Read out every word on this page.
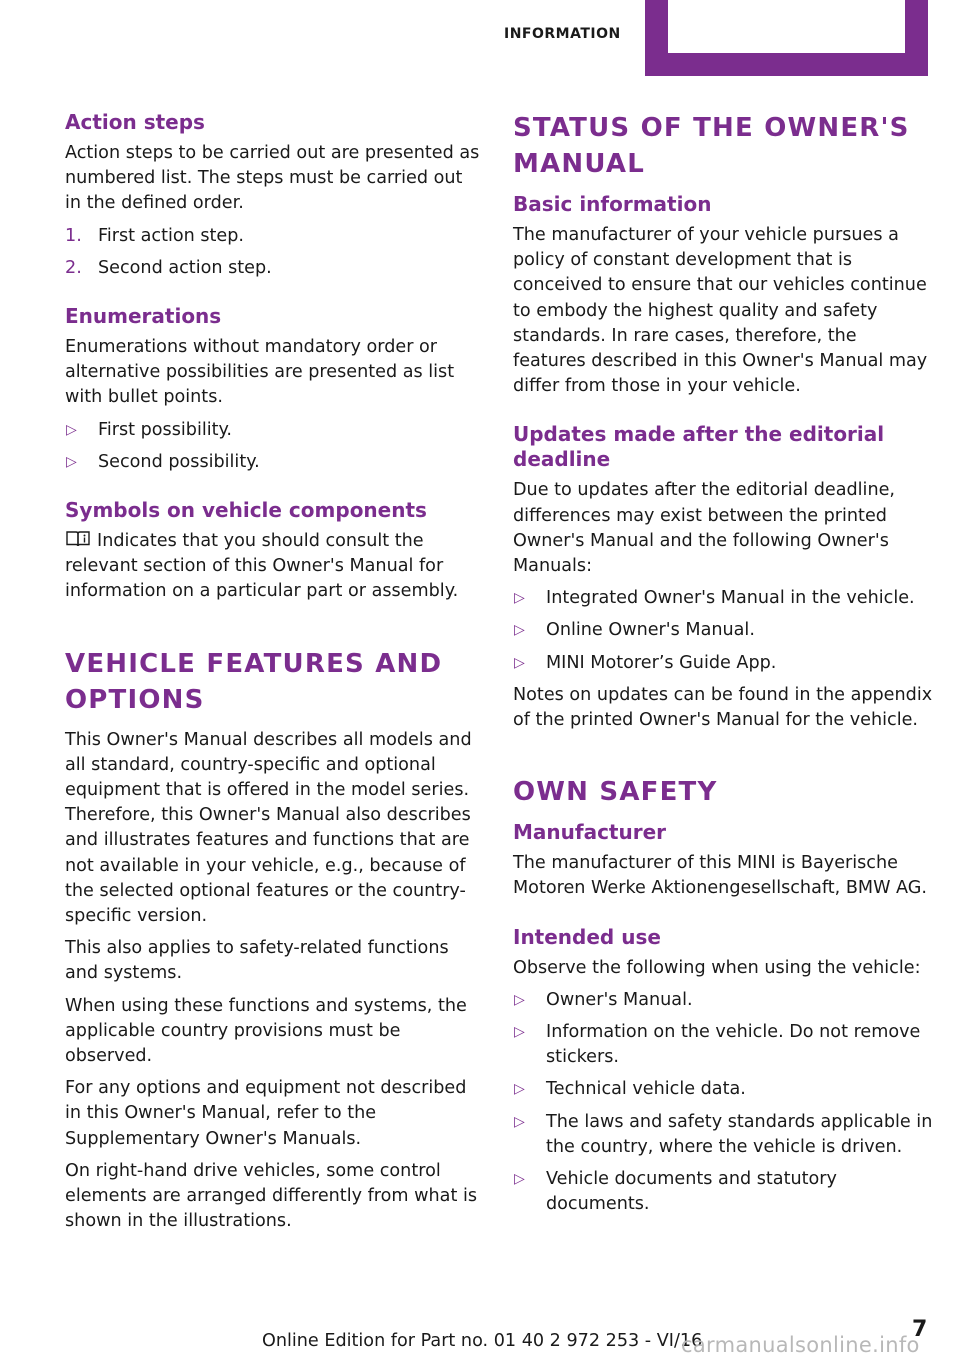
INFORMATION
Action steps

Action steps to be carried out are presented as numbered list. The steps must be carried out in the defined order.

1. First action step.
2. Second action step.
Enumerations

Enumerations without mandatory order or alternative possibilities are presented as list with bullet points.

▷ First possibility.
▷ Second possibility.
Symbols on vehicle components

Indicates that you should consult the relevant section of this Owner's Manual for information on a particular part or assembly.

VEHICLE FEATURES AND OPTIONS

This Owner's Manual describes all models and all standard, country-specific and optional equipment that is offered in the model series. Therefore, this Owner's Manual also describes and illustrates features and functions that are not available in your vehicle, e.g., because of the selected optional features or the country-specific version.

This also applies to safety-related functions and systems.

When using these functions and systems, the applicable country provisions must be observed.

For any options and equipment not described in this Owner's Manual, refer to the Supplementary Owner's Manuals.

On right-hand drive vehicles, some control elements are arranged differently from what is shown in the illustrations.

STATUS OF THE OWNER'S MANUAL
Basic information

The manufacturer of your vehicle pursues a policy of constant development that is conceived to ensure that our vehicles continue to embody the highest quality and safety standards. In rare cases, therefore, the features described in this Owner's Manual may differ from those in your vehicle.

Updates made after the editorial deadline

Due to updates after the editorial deadline, differences may exist between the printed Owner's Manual and the following Owner's Manuals:

▷ Integrated Owner's Manual in the vehicle.
▷ Online Owner's Manual.
▷ MINI Motorer’s Guide App.

Notes on updates can be found in the appendix of the printed Owner's Manual for the vehicle.

OWN SAFETY
Manufacturer

The manufacturer of this MINI is Bayerische Motoren Werke Aktionengesellschaft, BMW AG.

Intended use

Observe the following when using the vehicle:

▷ Owner's Manual.
▷ Information on the vehicle. Do not remove stickers.
▷ Technical vehicle data.
▷ The laws and safety standards applicable in the country, where the vehicle is driven.
▷ Vehicle documents and statutory documents.
Online Edition for Part no. 01 40 2 972 253 - VI/16	7
carmanualsonline.info
